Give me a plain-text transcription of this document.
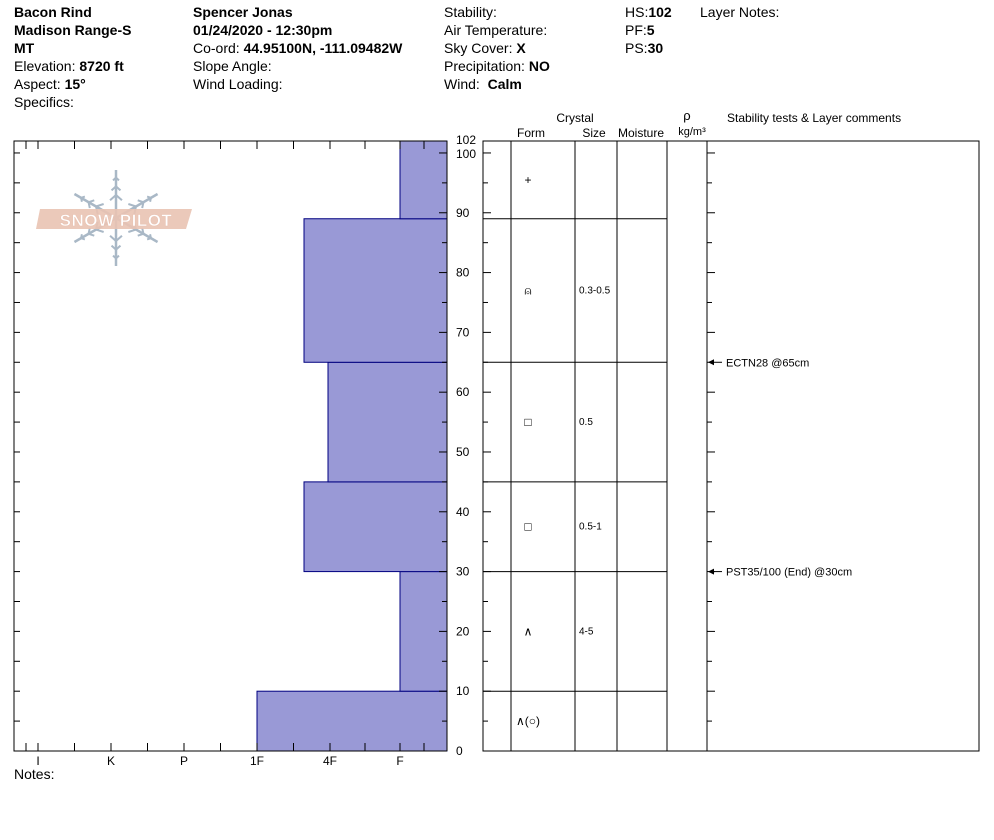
Bacon Rind
Madison Range-S
MT
Elevation: 8720 ft
Aspect: 15°
Specifics:
Spencer Jonas
01/24/2020 - 12:30pm
Co-ord: 44.95100N, -111.09482W
Slope Angle:
Wind Loading:
Stability:
Air Temperature:
Sky Cover: X
Precipitation: NO
Wind: Calm
HS:102
PF:5
PS:30
Layer Notes:
Notes:
SNOW PILOT
0
10
20
30
40
50
60
70
80
90
100
102
I	K	P	1F	4F	F
Crystal
Form	Size Moisture
ρ
kg/m³
Stability tests & Layer comments
∧(○)
∧	4-5
□	0.5-1
□	0.5
⍝	0.3-0.5
+
ECTN28 @65cm
PST35/100 (End) @30cm
